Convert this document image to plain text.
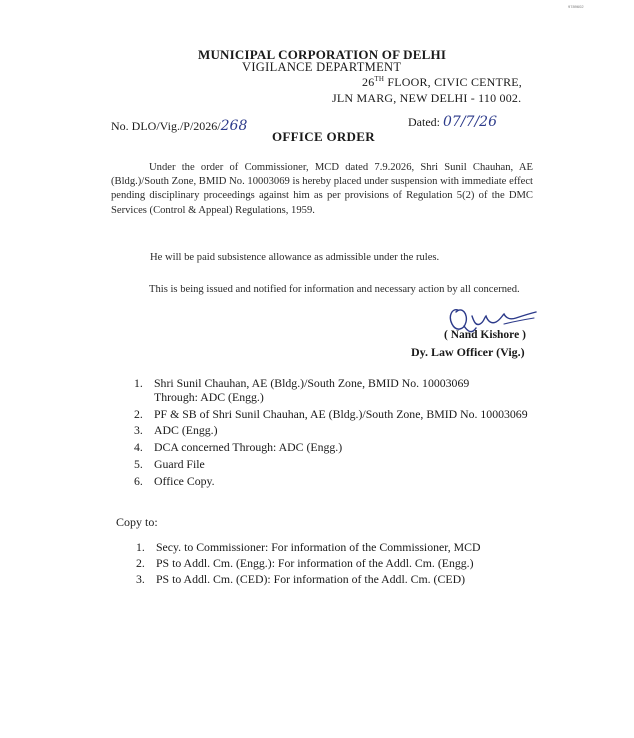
9789602
MUNICIPAL CORPORATION OF DELHI
VIGILANCE DEPARTMENT
26TH FLOOR, CIVIC CENTRE,
JLN MARG, NEW DELHI - 110 002.
No. DLO/Vig./P/2026/268	Dated: 07/7/26
OFFICE ORDER
Under the order of Commissioner, MCD dated 7.9.2026, Shri Sunil Chauhan, AE (Bldg.)/South Zone, BMID No. 10003069 is hereby placed under suspension with immediate effect pending disciplinary proceedings against him as per provisions of Regulation 5(2) of the DMC Services (Control & Appeal) Regulations, 1959.
He will be paid subsistence allowance as admissible under the rules.
This is being issued and notified for information and necessary action by all concerned.
( Nand Kishore )
Dy. Law Officer (Vig.)
1. Shri Sunil Chauhan, AE (Bldg.)/South Zone, BMID No. 10003069
Through: ADC (Engg.)
2. PF & SB of Shri Sunil Chauhan, AE (Bldg.)/South Zone, BMID No. 10003069
3. ADC (Engg.)
4. DCA concerned Through: ADC (Engg.)
5. Guard File
6. Office Copy.
Copy to:
1. Secy. to Commissioner: For information of the Commissioner, MCD
2. PS to Addl. Cm. (Engg.): For information of the Addl. Cm. (Engg.)
3. PS to Addl. Cm. (CED): For information of the Addl. Cm. (CED)
